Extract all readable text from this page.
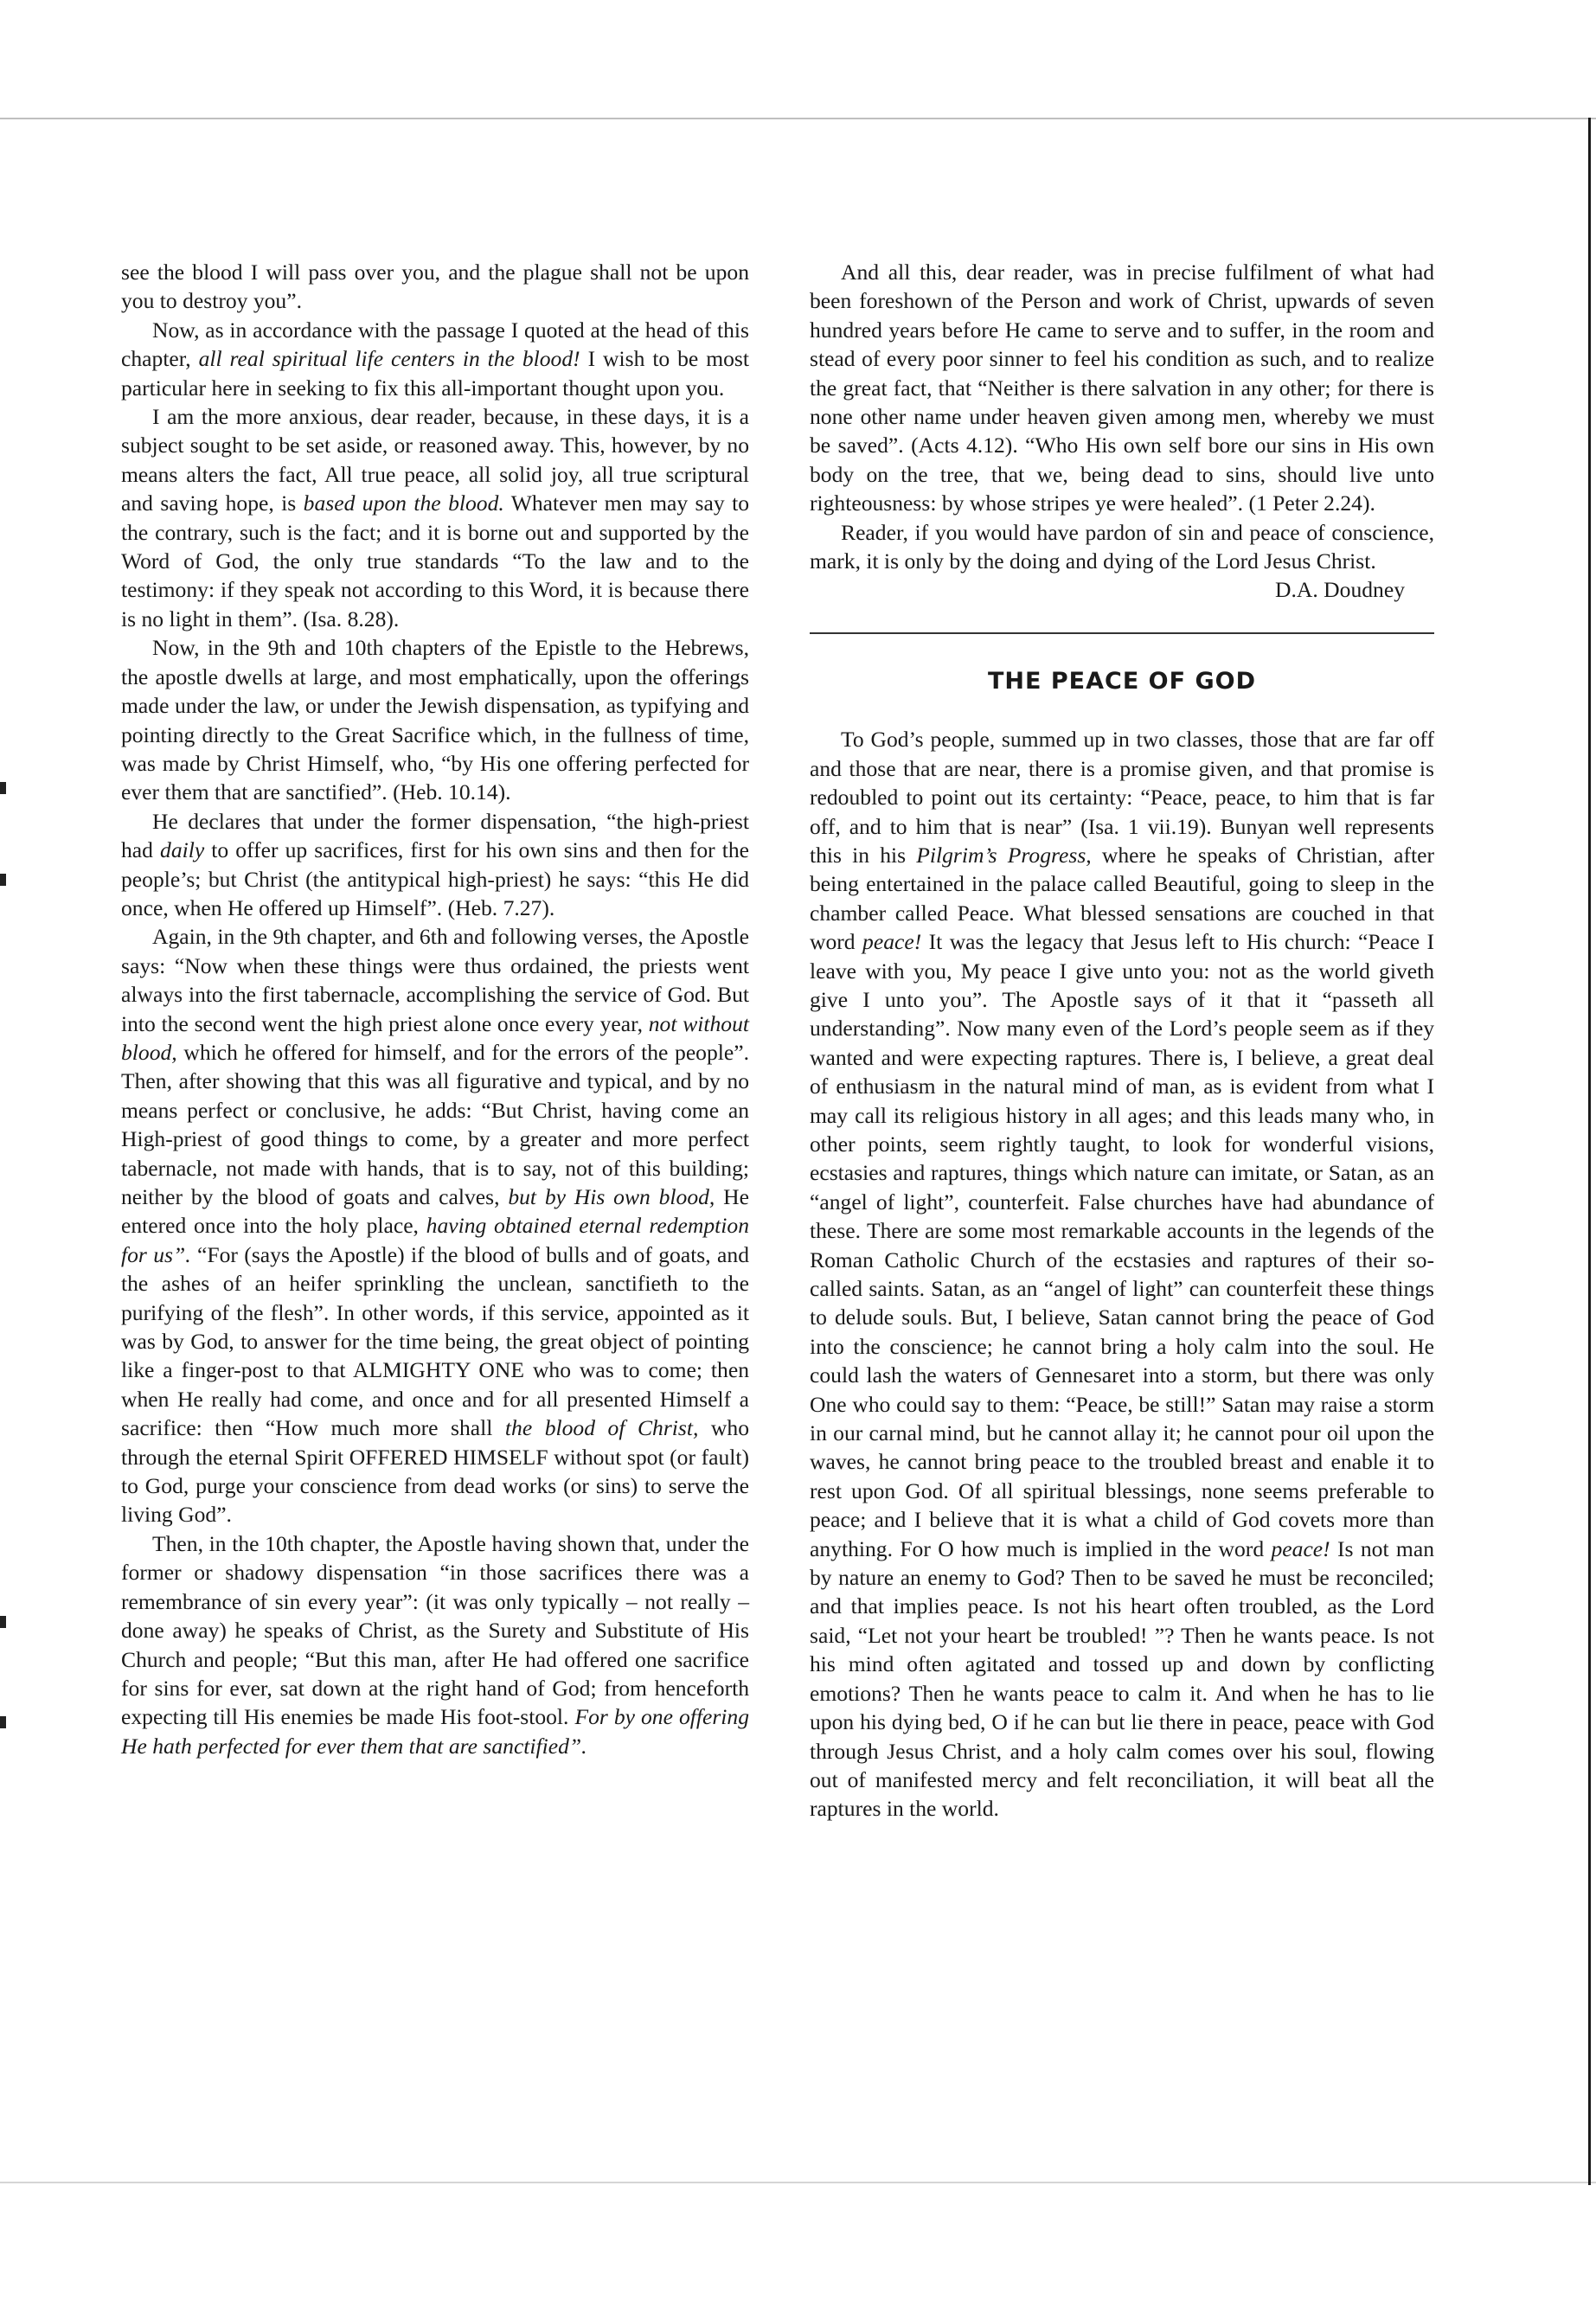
see the blood I will pass over you, and the plague shall not be upon you to destroy you”.

Now, as in accordance with the passage I quoted at the head of this chapter, all real spiritual life centers in the blood! I wish to be most particular here in seeking to fix this all-important thought upon you.

I am the more anxious, dear reader, because, in these days, it is a subject sought to be set aside, or reasoned away. This, however, by no means alters the fact, All true peace, all solid joy, all true scriptural and saving hope, is based upon the blood. Whatever men may say to the contrary, such is the fact; and it is borne out and supported by the Word of God, the only true standards “To the law and to the testimony: if they speak not according to this Word, it is because there is no light in them”. (Isa. 8.28).

Now, in the 9th and 10th chapters of the Epistle to the Hebrews, the apostle dwells at large, and most emphatically, upon the offerings made under the law, or under the Jewish dispensation, as typifying and pointing directly to the Great Sacrifice which, in the fullness of time, was made by Christ Himself, who, “by His one offering perfected for ever them that are sanctified”. (Heb. 10.14).

He declares that under the former dispensation, “the high-priest had daily to offer up sacrifices, first for his own sins and then for the people’s; but Christ (the antitypical high-priest) he says: “this He did once, when He offered up Himself”. (Heb. 7.27).

Again, in the 9th chapter, and 6th and following verses, the Apostle says: “Now when these things were thus ordained, the priests went always into the first tabernacle, accomplishing the service of God. But into the second went the high priest alone once every year, not without blood, which he offered for himself, and for the errors of the people”. Then, after showing that this was all figurative and typical, and by no means perfect or conclusive, he adds: “But Christ, having come an High-priest of good things to come, by a greater and more perfect tabernacle, not made with hands, that is to say, not of this building; neither by the blood of goats and calves, but by His own blood, He entered once into the holy place, having obtained eternal redemption for us”. “For (says the Apostle) if the blood of bulls and of goats, and the ashes of an heifer sprinkling the unclean, sanctifieth to the purifying of the flesh”. In other words, if this service, appointed as it was by God, to answer for the time being, the great object of pointing like a finger-post to that ALMIGHTY ONE who was to come; then when He really had come, and once and for all presented Himself a sacrifice: then “How much more shall the blood of Christ, who through the eternal Spirit OFFERED HIMSELF without spot (or fault) to God, purge your conscience from dead works (or sins) to serve the living God”.

Then, in the 10th chapter, the Apostle having shown that, under the former or shadowy dispensation “in those sacrifices there was a remembrance of sin every year”: (it was only typically – not really – done away) he speaks of Christ, as the Surety and Substitute of His Church and people; “But this man, after He had offered one sacrifice for sins for ever, sat down at the right hand of God; from henceforth expecting till His enemies be made His foot-stool. For by one offering He hath perfected for ever them that are sanctified”.

And all this, dear reader, was in precise fulfilment of what had been foreshown of the Person and work of Christ, upwards of seven hundred years before He came to serve and to suffer, in the room and stead of every poor sinner to feel his condition as such, and to realize the great fact, that “Neither is there salvation in any other; for there is none other name under heaven given among men, whereby we must be saved”. (Acts 4.12). “Who His own self bore our sins in His own body on the tree, that we, being dead to sins, should live unto righteousness: by whose stripes ye were healed”. (1 Peter 2.24).

Reader, if you would have pardon of sin and peace of conscience, mark, it is only by the doing and dying of the Lord Jesus Christ.

D.A. Doudney
THE PEACE OF GOD

To God’s people, summed up in two classes, those that are far off and those that are near, there is a promise given, and that promise is redoubled to point out its certainty: “Peace, peace, to him that is far off, and to him that is near” (Isa. 1 vii.19). Bunyan well represents this in his Pilgrim’s Progress, where he speaks of Christian, after being entertained in the palace called Beautiful, going to sleep in the chamber called Peace. What blessed sensations are couched in that word peace! It was the legacy that Jesus left to His church: “Peace I leave with you, My peace I give unto you: not as the world giveth give I unto you”. The Apostle says of it that it “passeth all understanding”. Now many even of the Lord’s people seem as if they wanted and were expecting raptures. There is, I believe, a great deal of enthusiasm in the natural mind of man, as is evident from what I may call its religious history in all ages; and this leads many who, in other points, seem rightly taught, to look for wonderful visions, ecstasies and raptures, things which nature can imitate, or Satan, as an “angel of light”, counterfeit. False churches have had abundance of these. There are some most remarkable accounts in the legends of the Roman Catholic Church of the ecstasies and raptures of their so-called saints. Satan, as an “angel of light” can counterfeit these things to delude souls. But, I believe, Satan cannot bring the peace of God into the conscience; he cannot bring a holy calm into the soul. He could lash the waters of Gennesaret into a storm, but there was only One who could say to them: “Peace, be still!” Satan may raise a storm in our carnal mind, but he cannot allay it; he cannot pour oil upon the waves, he cannot bring peace to the troubled breast and enable it to rest upon God. Of all spiritual blessings, none seems preferable to peace; and I believe that it is what a child of God covets more than anything. For O how much is implied in the word peace! Is not man by nature an enemy to God? Then to be saved he must be reconciled; and that implies peace. Is not his heart often troubled, as the Lord said, “Let not your heart be troubled! ”? Then he wants peace. Is not his mind often agitated and tossed up and down by conflicting emotions? Then he wants peace to calm it. And when he has to lie upon his dying bed, O if he can but lie there in peace, peace with God through Jesus Christ, and a holy calm comes over his soul, flowing out of manifested mercy and felt reconciliation, it will beat all the raptures in the world.
